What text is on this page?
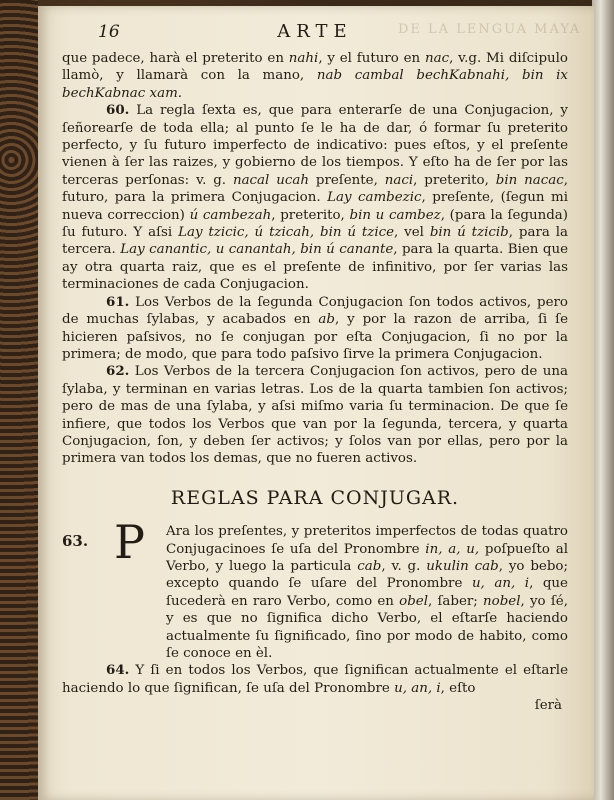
DE LA LENGUA MAYA
16	ARTE

que padece, harà el preterito en nahi, y el futuro en nac, v.g. Mi diſcipulo llamò, y llamarà con la mano, nab cambal bechKabnahi, bin ix bechKabnac xam.

60. La regla ſexta es, que para enterarſe de una Conjugacion, y ſeñorearſe de toda ella; al punto ſe le ha de dar, ó formar ſu preterito perfecto, y ſu futuro imperfecto de indicativo: pues eſtos, y el preſente vienen à ſer las raizes, y gobierno de los tiempos. Y eſto ha de ſer por las terceras perſonas: v. g. nacal ucah preſente, naci, preterito, bin nacac, futuro, para la primera Conjugacion. Lay cambezic, preſente, (ſegun mi nueva correccion) ú cambezah, preterito, bin u cambez, (para la ſegunda) ſu futuro. Y aſsi Lay tzicic, ú tzicah, bin ú tzice, vel bin ú tzicib, para la tercera. Lay canantic, u canantah, bin ú canante, para la quarta. Bien que ay otra quarta raiz, que es el preſente de infinitivo, por ſer varias las terminaciones de cada Conjugacion.

61. Los Verbos de la ſegunda Conjugacion ſon todos activos, pero de muchas ſylabas, y acabados en ab, y por la razon de arriba, ſi ſe hicieren paſsivos, no ſe conjugan por eſta Conjugacion, ſi no por la primera; de modo, que para todo paſsivo ſirve la primera Conjugacion.

62. Los Verbos de la tercera Conjugacion ſon activos, pero de una ſylaba, y terminan en varias letras. Los de la quarta tambien ſon activos; pero de mas de una ſylaba, y aſsi miſmo varia ſu terminacion. De que ſe infiere, que todos los Verbos que van por la ſegunda, tercera, y quarta Conjugacion, ſon, y deben ſer activos; y ſolos van por ellas, pero por la primera van todos los demas, que no fueren activos.

REGLAS PARA CONJUGAR.

63. P Ara los preſentes, y preteritos imperfectos de todas quatro Conjugacinoes ſe uſa del Pronombre in, a, u, poſpueſto al Verbo, y luego la particula cab, v. g. ukulin cab, yo bebo; excepto quando ſe uſare del Pronombre u, an, i, que ſucederà en raro Verbo, como en obel, ſaber; nobel, yo ſé, y es que no ſignifica dicho Verbo, el eſtarſe haciendo actualmente ſu ſignificado, ſino por modo de habito, como ſe conoce en èl.

64. Y ſi en todos los Verbos, que ſignifican actualmente el eſtarle haciendo lo que ſignifican, ſe uſa del Pronombre u, an, i, eſto

ſerà
